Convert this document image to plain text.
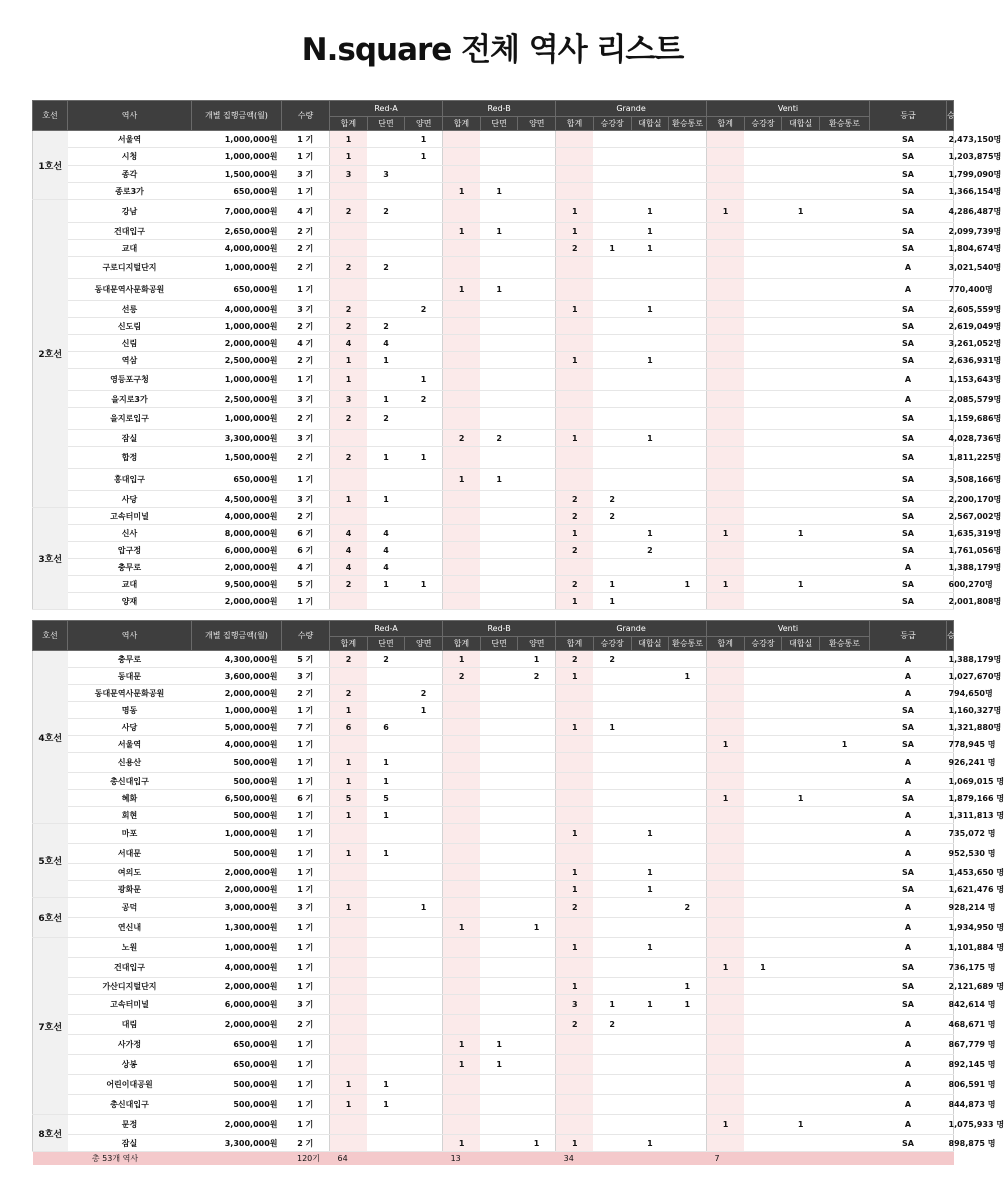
N.square 전체 역사 리스트
호선	역사	개별 집행금액(월)	수량	Red-A			Red-B			Grande				Venti				등급	승하차 인원
				합계	단면	양면	합계	단면	양면	합계	승강장	대합실	환승통로	합계	승강장	대합실	환승통로		
1호선	서울역	1,000,000원	1 기	1		1												SA	2,473,150명
	시청	1,000,000원	1 기	1		1												SA	1,203,875명
	종각	1,500,000원	3 기	3	3													SA	1,799,090명
	종로3가	650,000원	1 기				1	1										SA	1,366,154명
2호선	강남	7,000,000원	4 기	2	2					1		1		1		1		SA	4,286,487명
	건대입구	2,650,000원	2 기				1	1		1		1						SA	2,099,739명
	교대	4,000,000원	2 기							2	1	1						SA	1,804,674명
	구로디지털단지	1,000,000원	2 기	2	2													A	3,021,540명
	동대문역사문화공원	650,000원	1 기				1	1										A	770,400명
	선릉	4,000,000원	3 기	2		2				1		1						SA	2,605,559명
	신도림	1,000,000원	2 기	2	2													SA	2,619,049명
	신림	2,000,000원	4 기	4	4													SA	3,261,052명
	역삼	2,500,000원	2 기	1	1					1		1						SA	2,636,931명
	영등포구청	1,000,000원	1 기	1		1												A	1,153,643명
	을지로3가	2,500,000원	3 기	3	1	2												A	2,085,579명
	을지로입구	1,000,000원	2 기	2	2													SA	1,159,686명
	잠실	3,300,000원	3 기				2	2		1		1						SA	4,028,736명
	합정	1,500,000원	2 기	2	1	1												SA	1,811,225명
	홍대입구	650,000원	1 기				1	1										SA	3,508,166명
	사당	4,500,000원	3 기	1	1					2	2							SA	2,200,170명
3호선	고속터미널	4,000,000원	2 기							2	2							SA	2,567,002명
	신사	8,000,000원	6 기	4	4					1		1		1		1		SA	1,635,319명
	압구정	6,000,000원	6 기	4	4					2		2						SA	1,761,056명
	충무로	2,000,000원	4 기	4	4													A	1,388,179명
	교대	9,500,000원	5 기	2	1	1				2	1		1	1		1		SA	600,270명
	양재	2,000,000원	1 기							1	1							SA	2,001,808명
호선	역사	개별 집행금액(월)	수량	Red-A			Red-B			Grande				Venti				등급	승하차 인원
				합계	단면	양면	합계	단면	양면	합계	승강장	대합실	환승통로	합계	승강장	대합실	환승통로		
4호선	충무로	4,300,000원	5 기	2	2		1		1	2	2							A	1,388,179명
	동대문	3,600,000원	3 기				2		2	1			1					A	1,027,670명
	동대문역사문화공원	2,000,000원	2 기	2		2												A	794,650명
	명동	1,000,000원	1 기	1		1												SA	1,160,327명
	사당	5,000,000원	7 기	6	6					1	1							SA	1,321,880명
	서울역	4,000,000원	1 기											1			1	SA	778,945 명
	신용산	500,000원	1 기	1	1													A	926,241 명
	총신대입구	500,000원	1 기	1	1													A	1,069,015 명
	혜화	6,500,000원	6 기	5	5									1		1		SA	1,879,166 명
	회현	500,000원	1 기	1	1													A	1,311,813 명
5호선	마포	1,000,000원	1 기							1		1						A	735,072 명
	서대문	500,000원	1 기	1	1													A	952,530 명
	여의도	2,000,000원	1 기							1		1						SA	1,453,650 명
	광화문	2,000,000원	1 기							1		1						SA	1,621,476 명
6호선	공덕	3,000,000원	3 기	1		1				2			2					A	928,214 명
	연신내	1,300,000원	1 기				1		1									A	1,934,950 명
7호선	노원	1,000,000원	1 기							1		1						A	1,101,884 명
	건대입구	4,000,000원	1 기											1	1			SA	736,175 명
	가산디지털단지	2,000,000원	1 기							1			1					SA	2,121,689 명
	고속터미널	6,000,000원	3 기							3	1	1	1					SA	842,614 명
	대림	2,000,000원	2 기							2	2							A	468,671 명
	사가정	650,000원	1 기				1	1										A	867,779 명
	상봉	650,000원	1 기				1	1										A	892,145 명
	어린이대공원	500,000원	1 기	1	1													A	806,591 명
	총신대입구	500,000원	1 기	1	1													A	844,873 명
8호선	문정	2,000,000원	1 기											1		1		A	1,075,933 명
	잠실	3,300,000원	2 기				1		1	1		1						SA	898,875 명
총 53개 역사			120기	64			13			34				7					
